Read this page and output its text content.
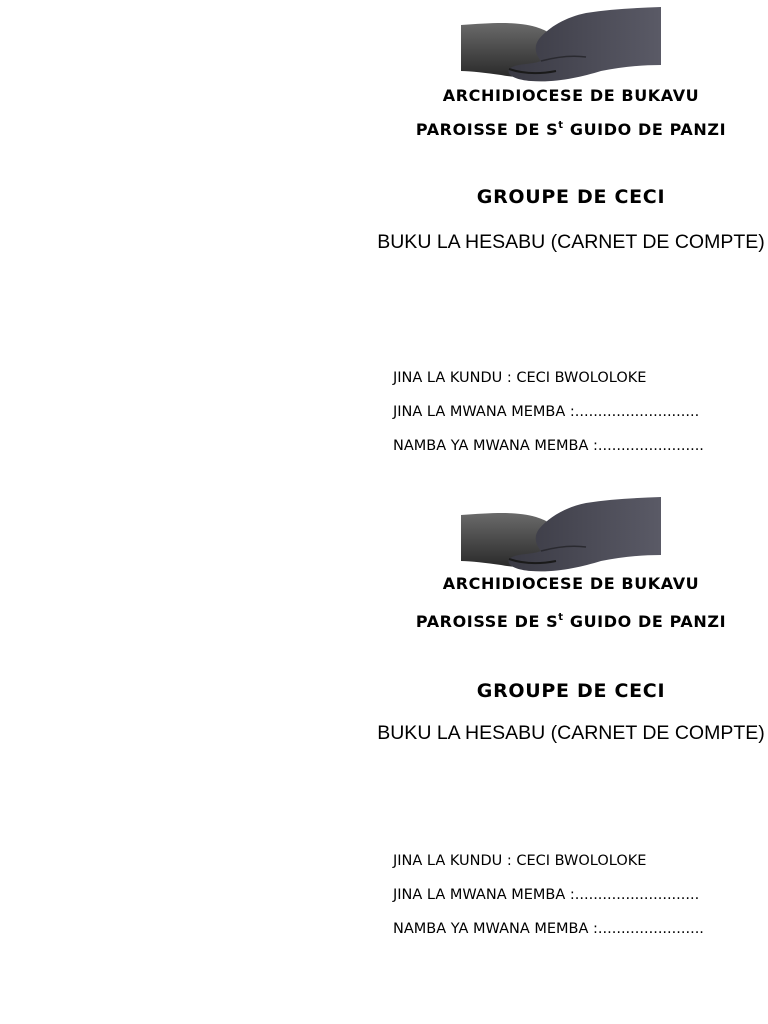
ARCHIDIOCESE DE BUKAVU
PAROISSE DE $S^t$ GUIDO DE PANZI
GROUPE DE CECI
BUKU LA HESABU (CARNET DE COMPTE)
JINA LA KUNDU : CECI BWOLOLOKE
JINA LA MWANA MEMBA :...........................
NAMBA YA MWANA MEMBA :.......................
ARCHIDIOCESE DE BUKAVU
PAROISSE DE $S^t$ GUIDO DE PANZI
GROUPE DE CECI
BUKU LA HESABU (CARNET DE COMPTE)
JINA LA KUNDU : CECI BWOLOLOKE
JINA LA MWANA MEMBA :...........................
NAMBA YA MWANA MEMBA :.......................
